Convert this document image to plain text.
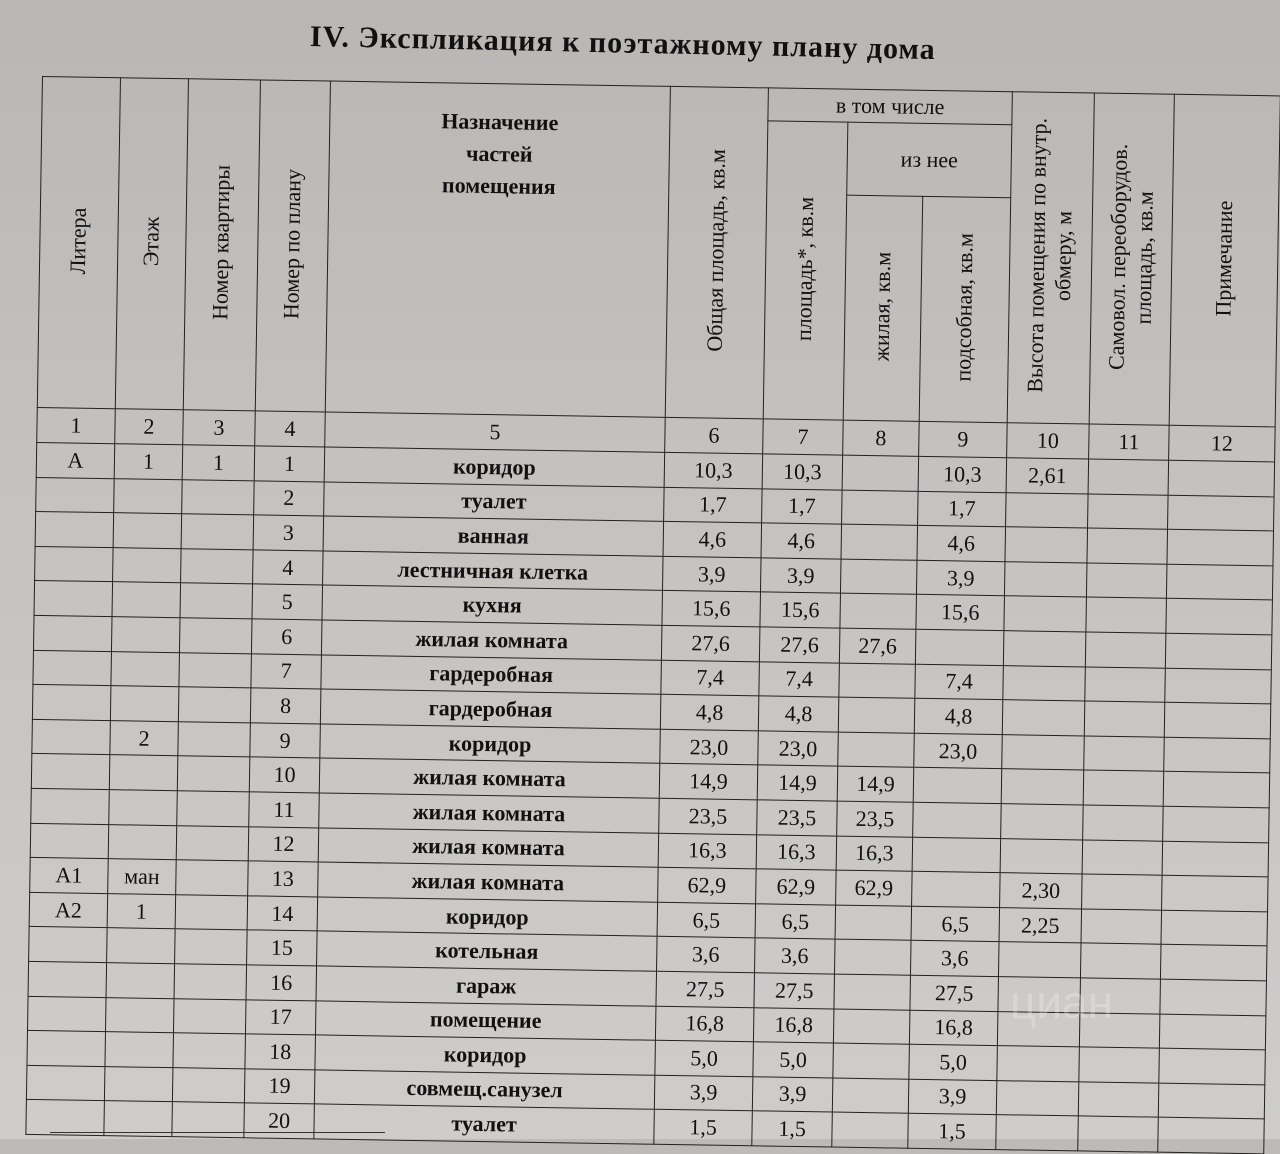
IV. Экспликация к поэтажному плану дома
Литера	Этаж	Номер квартиры	Номер по плану	Назначение частей помещения	Общая площадь, кв.м	в том числе			Высота помещения по внутр. обмеру, м	Самовол. переоборудов. площадь, кв.м	Примечание
						площадь*, кв.м	из нее				
							жилая, кв.м	подсобная, кв.м			
1	2	3	4	5	6	7	8	9	10	11	12
А	1	1	1	коридор	10,3	10,3		10,3	2,61		
			2	туалет	1,7	1,7		1,7			
			3	ванная	4,6	4,6		4,6			
			4	лестничная клетка	3,9	3,9		3,9			
			5	кухня	15,6	15,6		15,6			
			6	жилая комната	27,6	27,6	27,6				
			7	гардеробная	7,4	7,4		7,4			
			8	гардеробная	4,8	4,8		4,8			
	2		9	коридор	23,0	23,0		23,0			
			10	жилая комната	14,9	14,9	14,9				
			11	жилая комната	23,5	23,5	23,5				
			12	жилая комната	16,3	16,3	16,3				
А1	ман		13	жилая комната	62,9	62,9	62,9		2,30		
А2	1		14	коридор	6,5	6,5		6,5	2,25		
			15	котельная	3,6	3,6		3,6			
			16	гараж	27,5	27,5		27,5			
			17	помещение	16,8	16,8		16,8			
			18	коридор	5,0	5,0		5,0			
			19	совмещ.санузел	3,9	3,9		3,9			
			20	туалет	1,5	1,5		1,5			
циан
